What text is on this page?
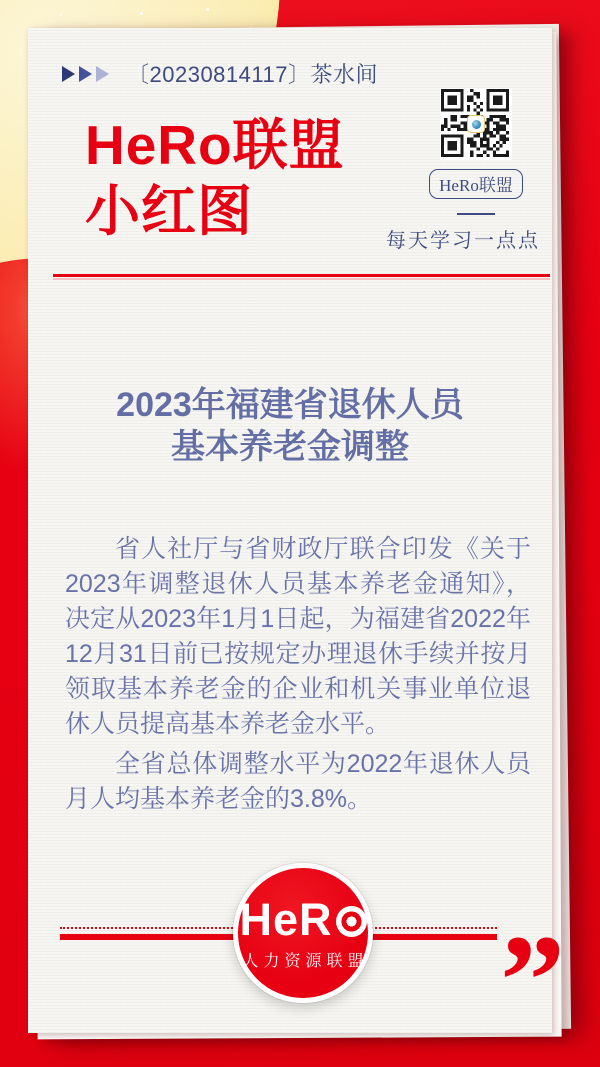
〔20230814117〕茶水间
HeRo联盟
小红图	HeRo联盟
每天学习一点点
2023年福建省退休人员
基本养老金调整

省人社厅与省财政厅联合印发《关于2023年调整退休人员基本养老金通知》，决定从2023年1月1日起，为福建省2022年12月31日前已按规定办理退休手续并按月领取基本养老金的企业和机关事业单位退休人员提高基本养老金水平。

全省总体调整水平为2022年退休人员月人均基本养老金的3.8%。

HeR
人力资源联盟 ”
